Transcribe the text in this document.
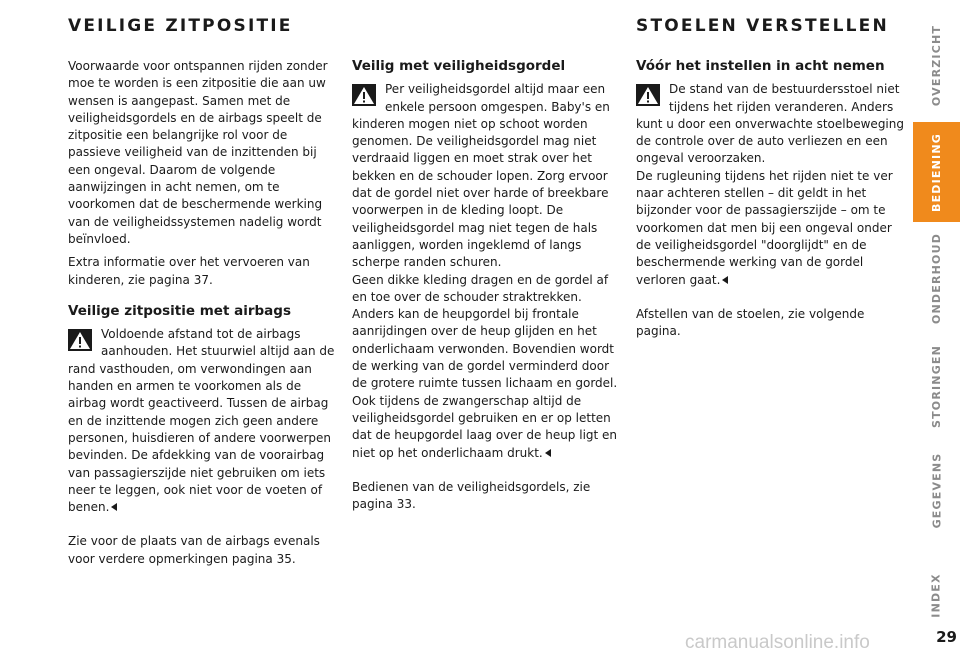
VEILIGE ZITPOSITIE

Voorwaarde voor ontspannen rijden zonder moe te worden is een zitpositie die aan uw wensen is aangepast. Samen met de veiligheidsgordels en de airbags speelt de zitpositie een belangrijke rol voor de passieve veiligheid van de inzittenden bij een ongeval. Daarom de volgende aanwijzingen in acht nemen, om te voorkomen dat de beschermende werking van de veiligheidssystemen nadelig wordt beïnvloed.

Extra informatie over het vervoeren van kinderen, zie pagina 37.

Veilige zitpositie met airbags

Voldoende afstand tot de airbags aanhouden. Het stuurwiel altijd aan de rand vasthouden, om verwondingen aan handen en armen te voorkomen als de airbag wordt geactiveerd. Tussen de airbag en de inzittende mogen zich geen andere personen, huisdieren of andere voorwerpen bevinden. De afdekking van de voorairbag van passagierszijde niet gebruiken om iets neer te leggen, ook niet voor de voeten of benen.

Zie voor de plaats van de airbags evenals voor verdere opmerkingen pagina 35.

Veilig met veiligheidsgordel

Per veiligheidsgordel altijd maar een enkele persoon omgespen. Baby's en kinderen mogen niet op schoot worden genomen. De veiligheidsgordel mag niet verdraaid liggen en moet strak over het bekken en de schouder lopen. Zorg ervoor dat de gordel niet over harde of breekbare voorwerpen in de kleding loopt. De veiligheidsgordel mag niet tegen de hals aanliggen, worden ingeklemd of langs scherpe randen schuren.

Geen dikke kleding dragen en de gordel af en toe over de schouder straktrekken. Anders kan de heupgordel bij frontale aanrijdingen over de heup glijden en het onderlichaam verwonden. Bovendien wordt de werking van de gordel verminderd door de grotere ruimte tussen lichaam en gordel.

Ook tijdens de zwangerschap altijd de veiligheidsgordel gebruiken en er op letten dat de heupgordel laag over de heup ligt en niet op het onderlichaam drukt.

Bedienen van de veiligheidsgordels, zie pagina 33.

STOELEN VERSTELLEN
Vóór het instellen in acht nemen

De stand van de bestuurdersstoel niet tijdens het rijden veranderen. Anders kunt u door een onverwachte stoelbeweging de controle over de auto verliezen en een ongeval veroorzaken.

De rugleuning tijdens het rijden niet te ver naar achteren stellen – dit geldt in het bijzonder voor de passagierszijde – om te voorkomen dat men bij een ongeval onder de veiligheidsgordel "doorglijdt" en de beschermende werking van de gordel verloren gaat.

Afstellen van de stoelen, zie volgende pagina.

OVERZICHT
BEDIENING
ONDERHOUD
STORINGEN
GEGEVENS
INDEX
carmanualsonline.info	29
